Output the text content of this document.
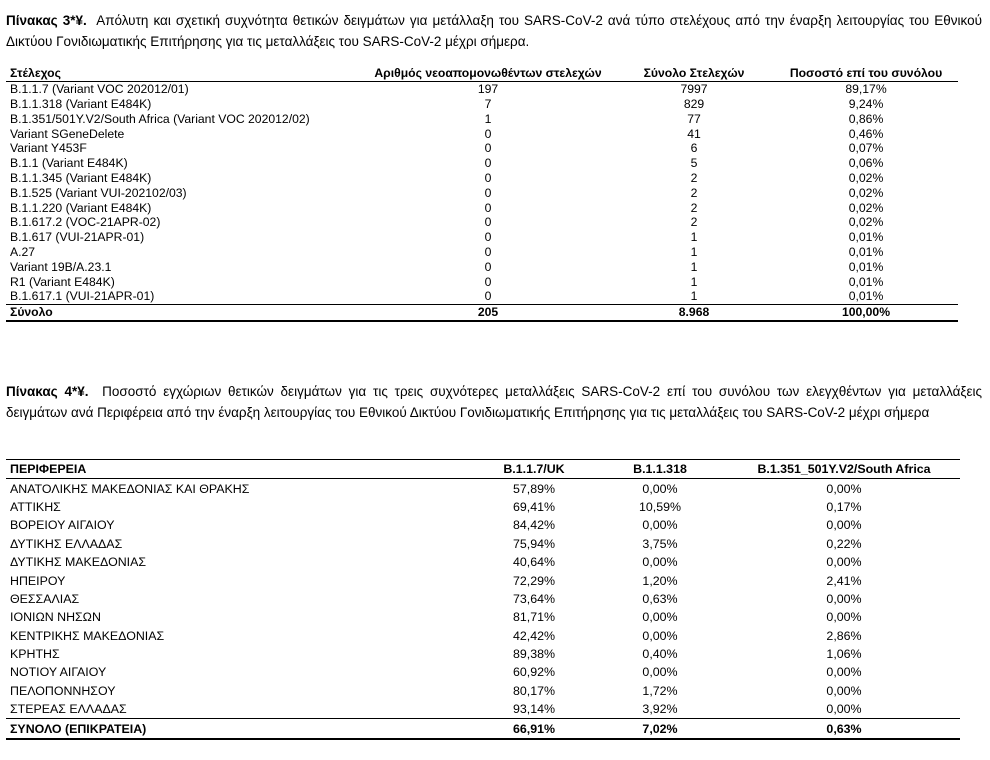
Πίνακας 3*¥. Απόλυτη και σχετική συχνότητα θετικών δειγμάτων για μετάλλαξη του SARS-CoV-2 ανά τύπο στελέχους από την έναρξη λειτουργίας του Εθνικού Δικτύου Γονιδιωματικής Επιτήρησης για τις μεταλλάξεις του SARS-CoV-2 μέχρι σήμερα.
Στέλεχος	Αριθμός νεοαπομονωθέντων στελεχών	Σύνολο Στελεχών	Ποσοστό επί του συνόλου
B.1.1.7 (Variant VOC 202012/01)	197	7997	89,17%
B.1.1.318 (Variant E484K)	7	829	9,24%
B.1.351/501Y.V2/South Africa (Variant VOC 202012/02)	1	77	0,86%
Variant SGeneDelete	0	41	0,46%
Variant Y453F	0	6	0,07%
B.1.1 (Variant E484K)	0	5	0,06%
B.1.1.345 (Variant E484K)	0	2	0,02%
B.1.525 (Variant VUI-202102/03)	0	2	0,02%
B.1.1.220 (Variant E484K)	0	2	0,02%
B.1.617.2 (VOC-21APR-02)	0	2	0,02%
B.1.617 (VUI-21APR-01)	0	1	0,01%
A.27	0	1	0,01%
Variant 19B/A.23.1	0	1	0,01%
R1 (Variant E484K)	0	1	0,01%
B.1.617.1 (VUI-21APR-01)	0	1	0,01%
Σύνολο	205	8.968	100,00%
Πίνακας 4*¥. Ποσοστό εγχώριων θετικών δειγμάτων για τις τρεις συχνότερες μεταλλάξεις SARS-CoV-2 επί του συνόλου των ελεγχθέντων για μεταλλάξεις δειγμάτων ανά Περιφέρεια από την έναρξη λειτουργίας του Εθνικού Δικτύου Γονιδιωματικής Επιτήρησης για τις μεταλλάξεις του SARS-CoV-2 μέχρι σήμερα
ΠΕΡΙΦΕΡΕΙΑ	B.1.1.7/UK	B.1.1.318	B.1.351_501Y.V2/South Africa
ΑΝΑΤΟΛΙΚΗΣ ΜΑΚΕΔΟΝΙΑΣ ΚΑΙ ΘΡΑΚΗΣ	57,89%	0,00%	0,00%
ΑΤΤΙΚΗΣ	69,41%	10,59%	0,17%
ΒΟΡΕΙΟΥ ΑΙΓΑΙΟΥ	84,42%	0,00%	0,00%
ΔΥΤΙΚΗΣ ΕΛΛΑΔΑΣ	75,94%	3,75%	0,22%
ΔΥΤΙΚΗΣ ΜΑΚΕΔΟΝΙΑΣ	40,64%	0,00%	0,00%
ΗΠΕΙΡΟΥ	72,29%	1,20%	2,41%
ΘΕΣΣΑΛΙΑΣ	73,64%	0,63%	0,00%
ΙΟΝΙΩΝ ΝΗΣΩΝ	81,71%	0,00%	0,00%
ΚΕΝΤΡΙΚΗΣ ΜΑΚΕΔΟΝΙΑΣ	42,42%	0,00%	2,86%
ΚΡΗΤΗΣ	89,38%	0,40%	1,06%
ΝΟΤΙΟΥ ΑΙΓΑΙΟΥ	60,92%	0,00%	0,00%
ΠΕΛΟΠΟΝΝΗΣΟΥ	80,17%	1,72%	0,00%
ΣΤΕΡΕΑΣ ΕΛΛΑΔΑΣ	93,14%	3,92%	0,00%
ΣΥΝΟΛΟ (ΕΠΙΚΡΑΤΕΙΑ)	66,91%	7,02%	0,63%
